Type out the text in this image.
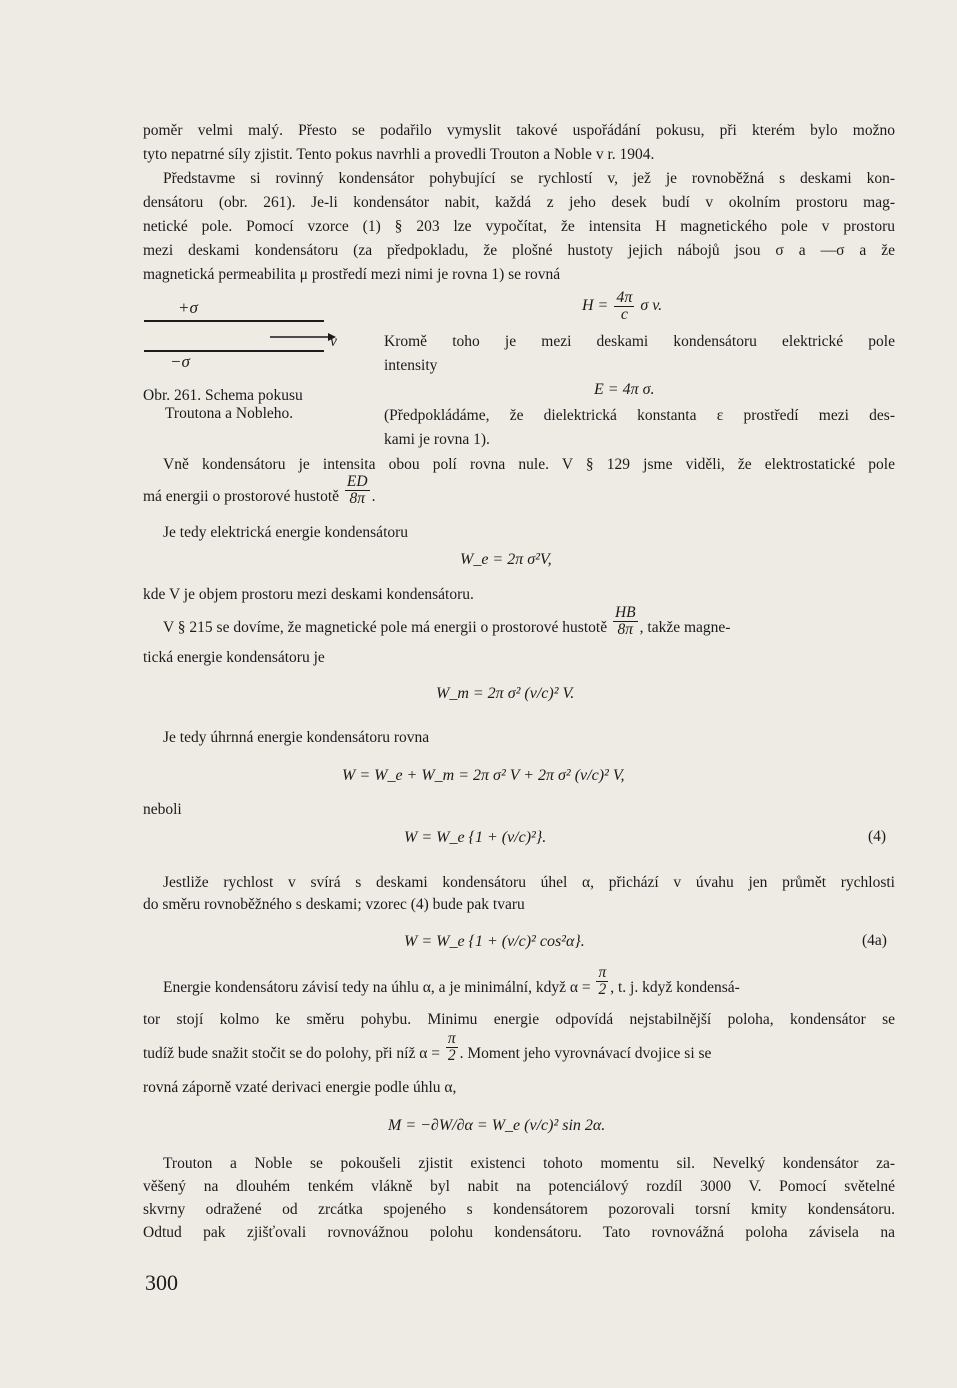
poměr velmi malý. Přesto se podařilo vymyslit takové uspořádání pokusu, při kterém bylo možno
tyto nepatrné síly zjistit. Tento pokus navrhli a provedli Trouton a Noble v r. 1904.
Představme si rovinný kondensátor pohybující se rychlostí v, jež je rovnoběžná s deskami kon-
densátoru (obr. 261). Je-li kondensátor nabit, každá z jeho desek budí v okolním prostoru mag-
netické pole. Pomocí vzorce (1) § 203 lze vypočítat, že intensita H magnetického pole v prostoru
mezi deskami kondensátoru (za předpokladu, že plošné hustoty jejich nábojů jsou σ a —σ a že
magnetická permeabilita μ prostředí mezi nimi je rovna 1) se rovná
+σ
v
−σ
Obr. 261. Schema pokusu
Troutona a Nobleho.
$H = \frac{4\pi}{c}$ σ v.
Kromě toho je mezi deskami kondensátoru elektrické pole
intensity
E = 4π σ.
(Předpokládáme, že dielektrická konstanta ε prostředí mezi des-
kami je rovna 1).
Vně kondensátoru je intensita obou polí rovna nule. V § 129 jsme viděli, že elektrostatické pole
má energii o prostorové hustotě $\frac{ED}{8\pi}$ .
Je tedy elektrická energie kondensátoru
W_e = 2π σ²V,
kde V je objem prostoru mezi deskami kondensátoru.
V § 215 se dovíme, že magnetické pole má energii o prostorové hustotě $\frac{HB}{8\pi}$ , takže magne-
tická energie kondensátoru je
W_m = 2π σ² (v/c)² V.
Je tedy úhrnná energie kondensátoru rovna
W = W_e + W_m = 2π σ² V + 2π σ² (v/c)² V,
neboli
W = W_e {1 + (v/c)²}.	(4)
Jestliže rychlost v svírá s deskami kondensátoru úhel α, přichází v úvahu jen průmět rychlosti
do směru rovnoběžného s deskami; vzorec (4) bude pak tvaru
W = W_e {1 + (v/c)² cos²α}.	(4a)
Energie kondensátoru závisí tedy na úhlu α, a je minimální, když $\alpha = \frac{\pi}{2}$ , t. j. když kondensá-
tor stojí kolmo ke směru pohybu. Minimu energie odpovídá nejstabilnější poloha, kondensátor se
tudíž bude snažit stočit se do polohy, při níž $\alpha = \frac{\pi}{2}$ . Moment jeho vyrovnávací dvojice si se
rovná záporně vzaté derivaci energie podle úhlu α,
M = −∂W/∂α = W_e (v/c)² sin 2α.
Trouton a Noble se pokoušeli zjistit existenci tohoto momentu sil. Nevelký kondensátor za-
věšený na dlouhém tenkém vlákně byl nabit na potenciálový rozdíl 3000 V. Pomocí světelné
skvrny odražené od zrcátka spojeného s kondensátorem pozorovali torsní kmity kondensátoru.
Odtud pak zjišťovali rovnovážnou polohu kondensátoru. Tato rovnovážná poloha závisela na
300
